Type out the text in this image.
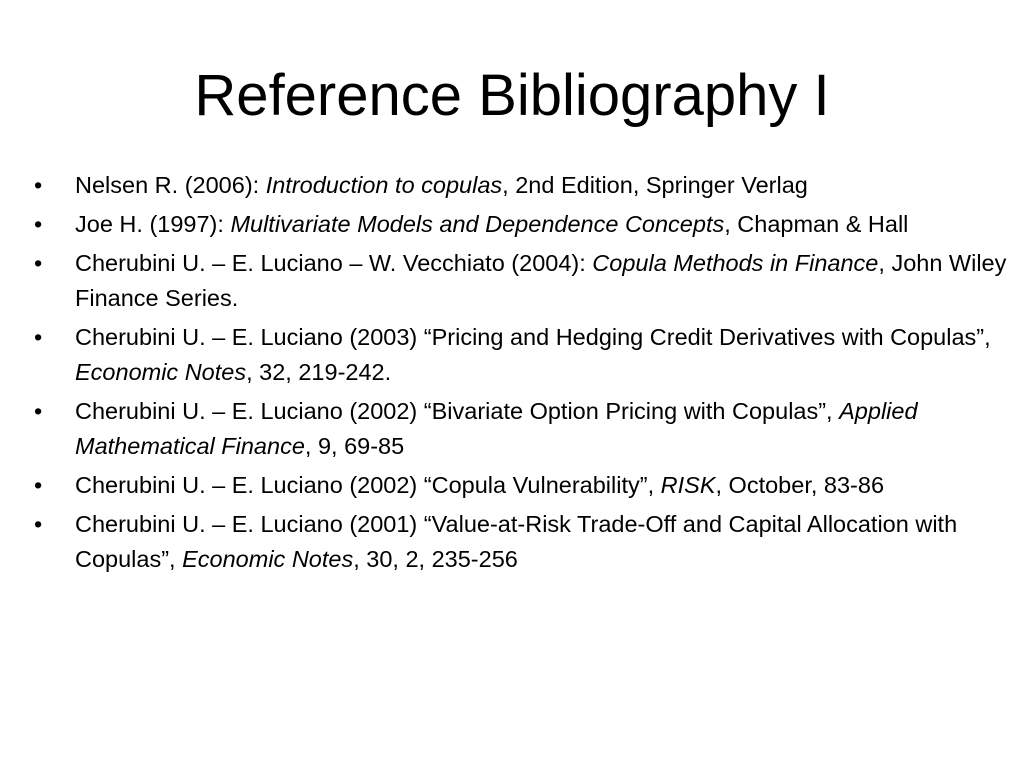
Reference Bibliography I
•	Nelsen R. (2006): Introduction to copulas, 2nd Edition, Springer Verlag
•	Joe H. (1997): Multivariate Models and Dependence Concepts, Chapman & Hall
•	Cherubini U. – E. Luciano – W. Vecchiato (2004): Copula Methods in Finance, John Wiley Finance Series.
•	Cherubini U. – E. Luciano (2003) “Pricing and Hedging Credit Derivatives with Copulas”, Economic Notes, 32, 219-242.
•	Cherubini U. – E. Luciano (2002) “Bivariate Option Pricing with Copulas”, Applied Mathematical Finance, 9, 69-85
•	Cherubini U. – E. Luciano (2002) “Copula Vulnerability”, RISK, October, 83-86
•	Cherubini U. – E. Luciano (2001) “Value-at-Risk Trade-Off and Capital Allocation with Copulas”, Economic Notes, 30, 2, 235-256
